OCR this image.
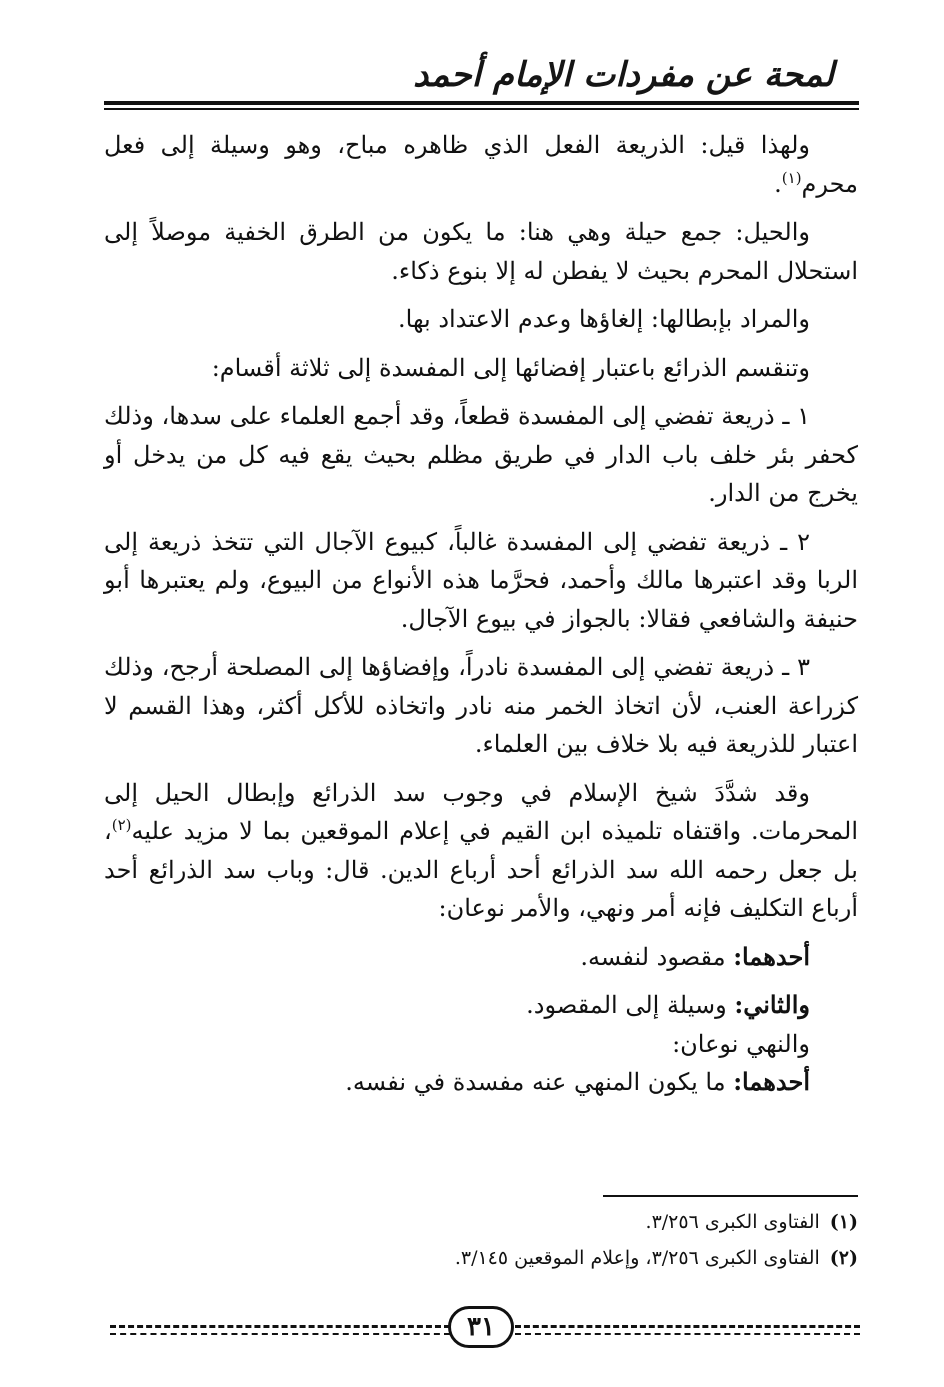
لمحة عن مفردات الإمام أحمد

ولهذا قيل: الذريعة الفعل الذي ظاهره مباح، وهو وسيلة إلى فعل محرم$^{(١)}$.

والحيل: جمع حيلة وهي هنا: ما يكون من الطرق الخفية موصلاً إلى استحلال المحرم بحيث لا يفطن له إلا بنوع ذكاء.

والمراد بإبطالها: إلغاؤها وعدم الاعتداد بها.

وتنقسم الذرائع باعتبار إفضائها إلى المفسدة إلى ثلاثة أقسام:

١ ـ ذريعة تفضي إلى المفسدة قطعاً، وقد أجمع العلماء على سدها، وذلك كحفر بئر خلف باب الدار في طريق مظلم بحيث يقع فيه كل من يدخل أو يخرج من الدار.

٢ ـ ذريعة تفضي إلى المفسدة غالباً، كبيوع الآجال التي تتخذ ذريعة إلى الربا وقد اعتبرها مالك وأحمد، فحرَّما هذه الأنواع من البيوع، ولم يعتبرها أبو حنيفة والشافعي فقالا: بالجواز في بيوع الآجال.

٣ ـ ذريعة تفضي إلى المفسدة نادراً، وإفضاؤها إلى المصلحة أرجح، وذلك كزراعة العنب، لأن اتخاذ الخمر منه نادر واتخاذه للأكل أكثر، وهذا القسم لا اعتبار للذريعة فيه بلا خلاف بين العلماء.

وقد شدَّدَ شيخ الإسلام في وجوب سد الذرائع وإبطال الحيل إلى المحرمات. واقتفاه تلميذه ابن القيم في إعلام الموقعين بما لا مزيد عليه$^{(٢)}$، بل جعل رحمه الله سد الذرائع أحد أرباع الدين. قال: وباب سد الذرائع أحد أرباع التكليف فإنه أمر ونهي، والأمر نوعان:

أحدهما: مقصود لنفسه.

والثاني: وسيلة إلى المقصود.

والنهي نوعان:

أحدهما: ما يكون المنهي عنه مفسدة في نفسه.

(١)الفتاوى الكبرى ٣/٢٥٦.
(٢)الفتاوى الكبرى ٣/٢٥٦، وإعلام الموقعين ٣/١٤٥.
٣١
